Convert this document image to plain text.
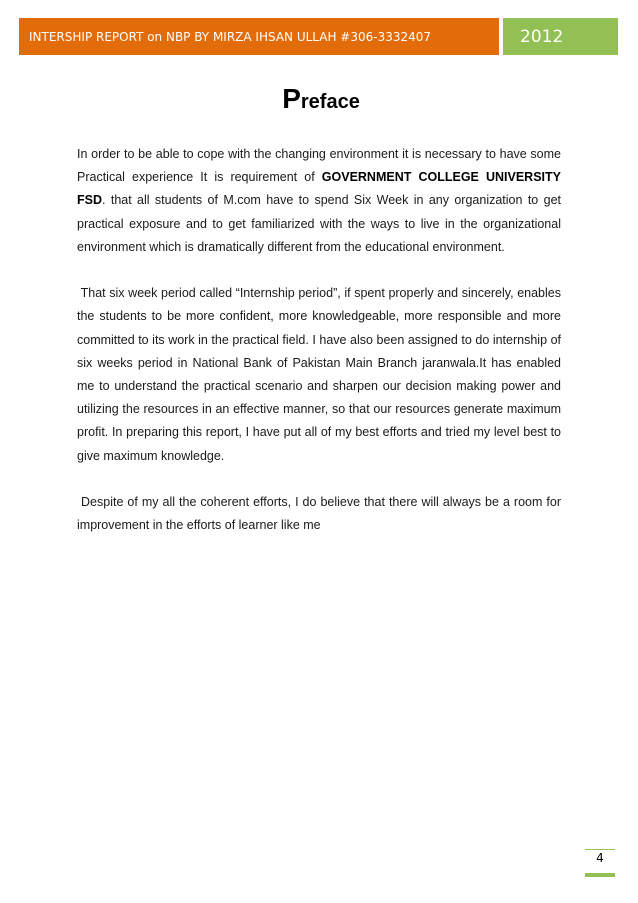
INTERSHIP REPORT on NBP BY MIRZA IHSAN ULLAH #306-3332407	2012
Preface

In order to be able to cope with the changing environment it is necessary to have some Practical experience It is requirement of GOVERNMENT COLLEGE UNIVERSITY FSD. that all students of M.com have to spend Six Week in any organization to get practical exposure and to get familiarized with the ways to live in the organizational environment which is dramatically different from the educational environment.

That six week period called “Internship period”, if spent properly and sincerely, enables the students to be more confident, more knowledgeable, more responsible and more committed to its work in the practical field. I have also been assigned to do internship of six weeks period in National Bank of Pakistan Main Branch jaranwala.It has enabled me to understand the practical scenario and sharpen our decision making power and utilizing the resources in an effective manner, so that our resources generate maximum profit. In preparing this report, I have put all of my best efforts and tried my level best to give maximum knowledge.

Despite of my all the coherent efforts, I do believe that there will always be a room for improvement in the efforts of learner like me

4
